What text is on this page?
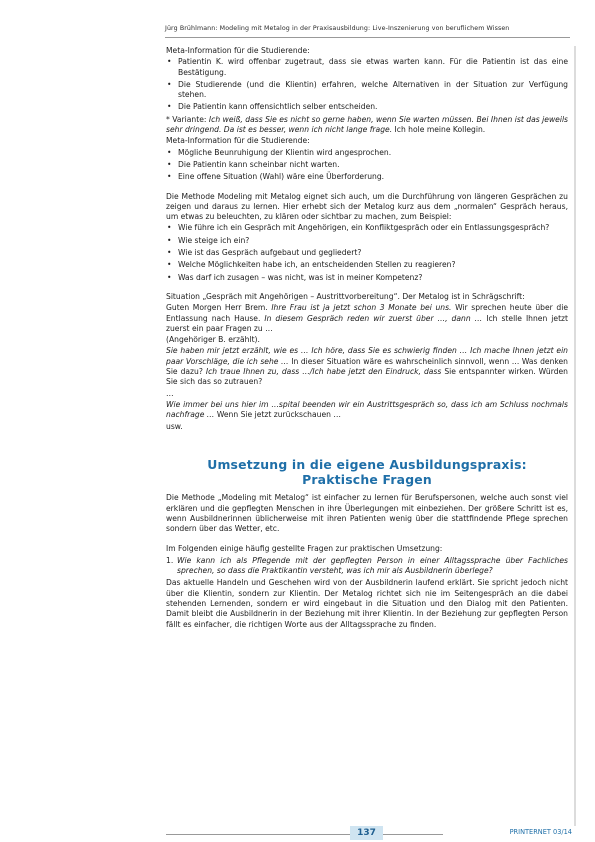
Jürg Brühlmann: Modeling mit Metalog in der Praxisausbildung: Live-Inszenierung von beruflichem Wissen

Meta-Information für die Studierende:

• Patientin K. wird offenbar zugetraut, dass sie etwas warten kann. Für die Patientin ist das eine Bestätigung.
• Die Studierende (und die Klientin) erfahren, welche Alternativen in der Situation zur Verfügung stehen.
• Die Patientin kann offensichtlich selber entscheiden.

* Variante: Ich weiß, dass Sie es nicht so gerne haben, wenn Sie warten müssen. Bei Ihnen ist das jeweils sehr dringend. Da ist es besser, wenn ich nicht lange frage. Ich hole meine Kollegin.

Meta-Information für die Studierende:

• Mögliche Beunruhigung der Klientin wird angesprochen.
• Die Patientin kann scheinbar nicht warten.
• Eine offene Situation (Wahl) wäre eine Überforderung.

Die Methode Modeling mit Metalog eignet sich auch, um die Durchführung von längeren Gesprächen zu zeigen und daraus zu lernen. Hier erhebt sich der Metalog kurz aus dem „normalen“ Gespräch heraus, um etwas zu beleuchten, zu klären oder sichtbar zu machen, zum Beispiel:

• Wie führe ich ein Gespräch mit Angehörigen, ein Konfliktgespräch oder ein Entlassungsgespräch?
• Wie steige ich ein?
• Wie ist das Gespräch aufgebaut und gegliedert?
• Welche Möglichkeiten habe ich, an entscheidenden Stellen zu reagieren?
• Was darf ich zusagen – was nicht, was ist in meiner Kompetenz?

Situation „Gespräch mit Angehörigen – Austrittvorbereitung“. Der Metalog ist in Schrägschrift:

Guten Morgen Herr Brem. Ihre Frau ist ja jetzt schon 3 Monate bei uns. Wir sprechen heute über die Entlassung nach Hause. In diesem Gespräch reden wir zuerst über …, dann … Ich stelle Ihnen jetzt zuerst ein paar Fragen zu …

(Angehöriger B. erzählt).

Sie haben mir jetzt erzählt, wie es … Ich höre, dass Sie es schwierig finden … Ich mache Ihnen jetzt ein paar Vorschläge, die ich sehe … In dieser Situation wäre es wahrscheinlich sinnvoll, wenn … Was denken Sie dazu? Ich traue Ihnen zu, dass …/Ich habe jetzt den Eindruck, dass Sie entspannter wirken. Würden Sie sich das so zutrauen?

…

Wie immer bei uns hier im …spital beenden wir ein Austrittsgespräch so, dass ich am Schluss nochmals nachfrage … Wenn Sie jetzt zurückschauen …

usw.

Umsetzung in die eigene Ausbildungspraxis:
Praktische Fragen

Die Methode „Modeling mit Metalog“ ist einfacher zu lernen für Berufspersonen, welche auch sonst viel erklären und die gepflegten Menschen in ihre Überlegungen mit einbeziehen. Der größere Schritt ist es, wenn Ausbildnerinnen üblicherweise mit ihren Patienten wenig über die stattfindende Pflege sprechen sondern über das Wetter, etc.

Im Folgenden einige häufig gestellte Fragen zur praktischen Umsetzung:

1. Wie kann ich als Pflegende mit der gepflegten Person in einer Alltagssprache über Fachliches sprechen, so dass die Praktikantin versteht, was ich mir als Ausbildnerin überlege?

Das aktuelle Handeln und Geschehen wird von der Ausbildnerin laufend erklärt. Sie spricht jedoch nicht über die Klientin, sondern zur Klientin. Der Metalog richtet sich nie im Seitengespräch an die dabei stehenden Lernenden, sondern er wird eingebaut in die Situation und den Dialog mit den Patienten. Damit bleibt die Ausbildnerin in der Beziehung mit ihrer Klientin. In der Beziehung zur gepflegten Person fällt es einfacher, die richtigen Worte aus der Alltagssprache zu finden.

137	PRINTERNET 03/14
